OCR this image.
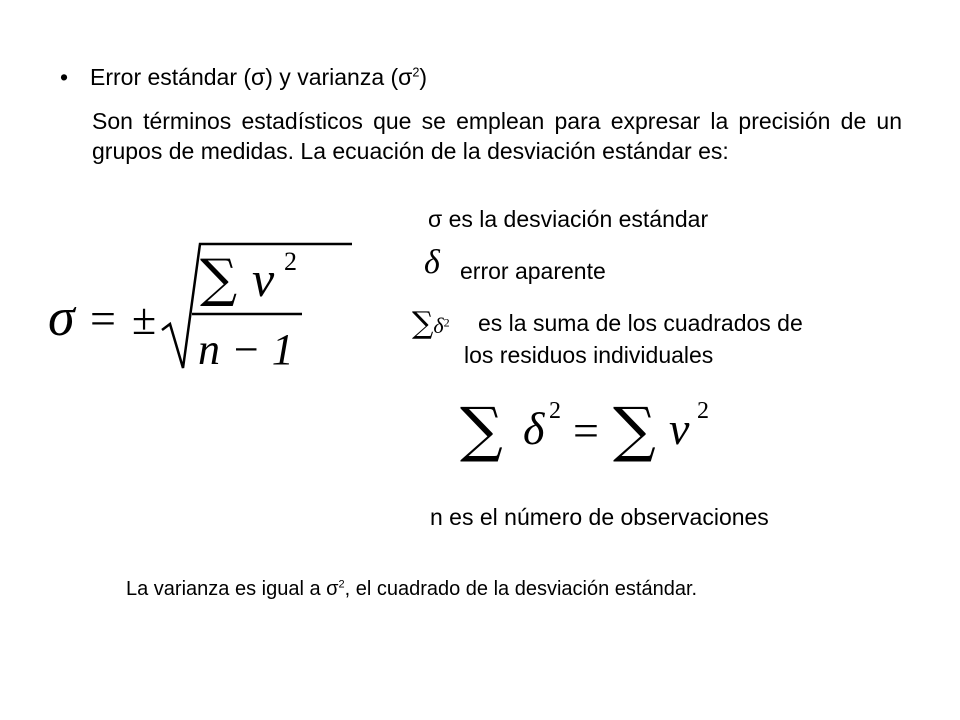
• Error estándar (σ) y varianza $(\sigma^2)$
Son términos estadísticos que se emplean para expresar la precisión de un grupos de medidas. La ecuación de la desviación estándar es:
σ = ±
∑ ν 2
n − 1
σ es la desviación estándar
δ error aparente
$\sum\delta^2$ es la suma de los cuadrados de
los residuos individuales
∑ δ 2 = ∑ ν 2
n es el número de observaciones
La varianza es igual a $\sigma^2$, el cuadrado de la desviación estándar.
